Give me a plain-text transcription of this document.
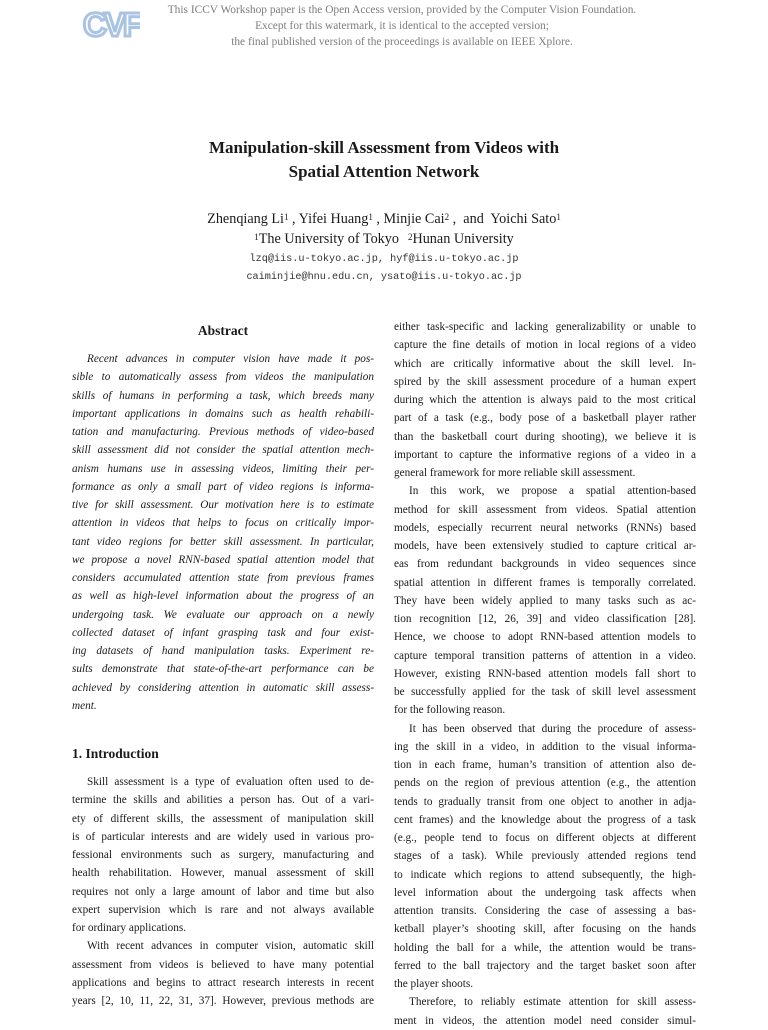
CVF	This ICCV Workshop paper is the Open Access version, provided by the Computer Vision Foundation.
Except for this watermark, it is identical to the accepted version;
the final published version of the proceedings is available on IEEE Xplore.
Manipulation-skill Assessment from Videos with
Spatial Attention Network
Zhenqiang Li$^1$ , Yifei Huang$^1$ , Minjie Cai$^2$ ,  and  Yoichi Sato$^1$
$^1$The University of Tokyo $^2$Hunan University
lzq@iis.u-tokyo.ac.jp, hyf@iis.u-tokyo.ac.jp
caiminjie@hnu.edu.cn, ysato@iis.u-tokyo.ac.jp
Abstract
Recent advances in computer vision have made it pos-
sible to automatically assess from videos the manipulation
skills of humans in performing a task, which breeds many
important applications in domains such as health rehabili-
tation and manufacturing. Previous methods of video-based
skill assessment did not consider the spatial attention mech-
anism humans use in assessing videos, limiting their per-
formance as only a small part of video regions is informa-
tive for skill assessment. Our motivation here is to estimate
attention in videos that helps to focus on critically impor-
tant video regions for better skill assessment. In particular,
we propose a novel RNN-based spatial attention model that
considers accumulated attention state from previous frames
as well as high-level information about the progress of an
undergoing task. We evaluate our approach on a newly
collected dataset of infant grasping task and four exist-
ing datasets of hand manipulation tasks. Experiment re-
sults demonstrate that state-of-the-art performance can be
achieved by considering attention in automatic skill assess-
ment.
1. Introduction
Skill assessment is a type of evaluation often used to de-
termine the skills and abilities a person has. Out of a vari-
ety of different skills, the assessment of manipulation skill
is of particular interests and are widely used in various pro-
fessional environments such as surgery, manufacturing and
health rehabilitation. However, manual assessment of skill
requires not only a large amount of labor and time but also
expert supervision which is rare and not always available
for ordinary applications.
With recent advances in computer vision, automatic skill
assessment from videos is believed to have many potential
applications and begins to attract research interests in recent
years [2, 10, 11, 22, 31, 37]. However, previous methods are
either task-specific and lacking generalizability or unable to
capture the fine details of motion in local regions of a video
which are critically informative about the skill level. In-
spired by the skill assessment procedure of a human expert
during which the attention is always paid to the most critical
part of a task (e.g., body pose of a basketball player rather
than the basketball court during shooting), we believe it is
important to capture the informative regions of a video in a
general framework for more reliable skill assessment.
In this work, we propose a spatial attention-based
method for skill assessment from videos. Spatial attention
models, especially recurrent neural networks (RNNs) based
models, have been extensively studied to capture critical ar-
eas from redundant backgrounds in video sequences since
spatial attention in different frames is temporally correlated.
They have been widely applied to many tasks such as ac-
tion recognition [12, 26, 39] and video classification [28].
Hence, we choose to adopt RNN-based attention models to
capture temporal transition patterns of attention in a video.
However, existing RNN-based attention models fall short to
be successfully applied for the task of skill level assessment
for the following reason.
It has been observed that during the procedure of assess-
ing the skill in a video, in addition to the visual informa-
tion in each frame, human’s transition of attention also de-
pends on the region of previous attention (e.g., the attention
tends to gradually transit from one object to another in adja-
cent frames) and the knowledge about the progress of a task
(e.g., people tend to focus on different objects at different
stages of a task). While previously attended regions tend
to indicate which regions to attend subsequently, the high-
level information about the undergoing task affects when
attention transits. Considering the case of assessing a bas-
ketball player’s shooting skill, after focusing on the hands
holding the ball for a while, the attention would be trans-
ferred to the ball trajectory and the target basket soon after
the player shoots.
Therefore, to reliably estimate attention for skill assess-
ment in videos, the attention model need consider simul-
